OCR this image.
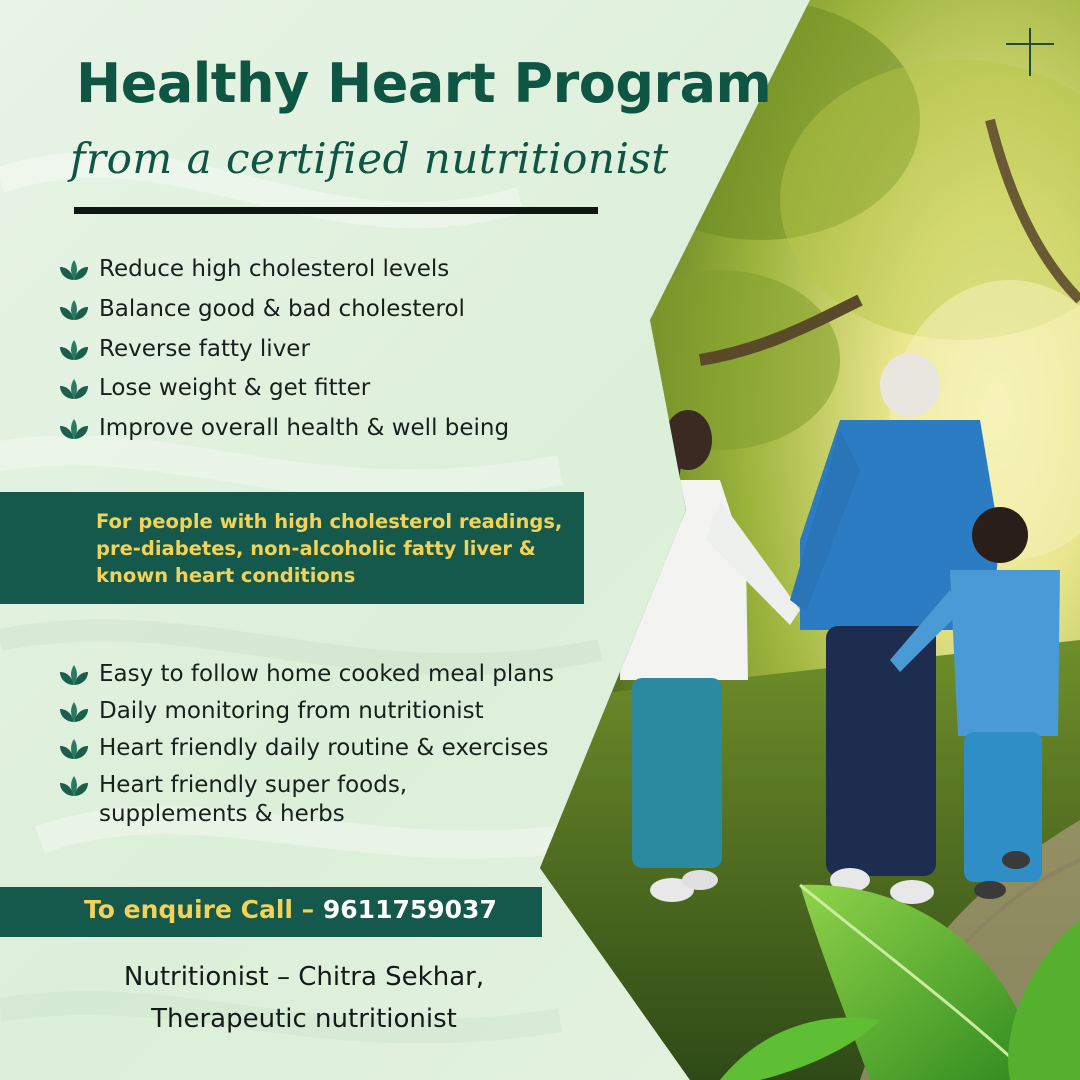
Healthy Heart Program
from a certified nutritionist
Reduce high cholesterol levels
Balance good & bad cholesterol
Reverse fatty liver
Lose weight & get fitter
Improve overall health & well being
For people with high cholesterol readings, pre-diabetes, non-alcoholic fatty liver & known heart conditions
Easy to follow home cooked meal plans
Daily monitoring from nutritionist
Heart friendly daily routine & exercises
Heart friendly super foods,
supplements & herbs
To enquire Call – 9611759037
Nutritionist – Chitra Sekhar,
Therapeutic nutritionist
